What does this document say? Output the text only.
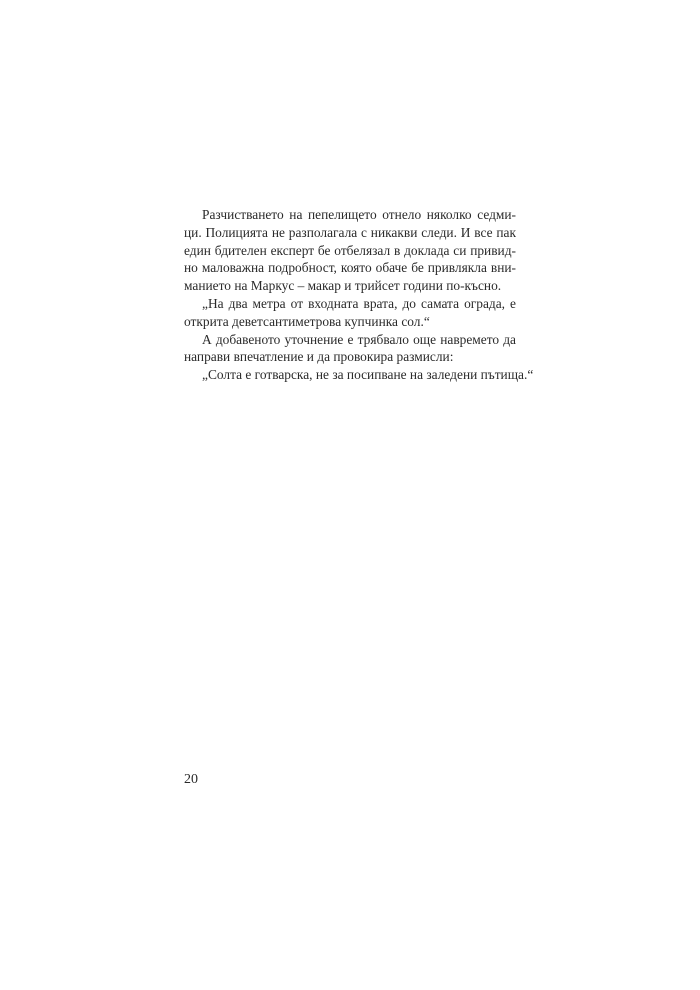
Разчистването на пепелището отнело няколко седми-
ци. Полицията не разполагала с никакви следи. И все пак
един бдителен експерт бе отбелязал в доклада си привид-
но маловажна подробност, която обаче бе привлякла вни-
манието на Маркус – макар и трийсет години по-късно.
„На два метра от входната врата, до самата ограда, е
открита деветсантиметрова купчинка сол.“
А добавеното уточнение е трябвало още навремето да
направи впечатление и да провокира размисли:
„Солта е готварска, не за посипване на заледени пътища.“
20
